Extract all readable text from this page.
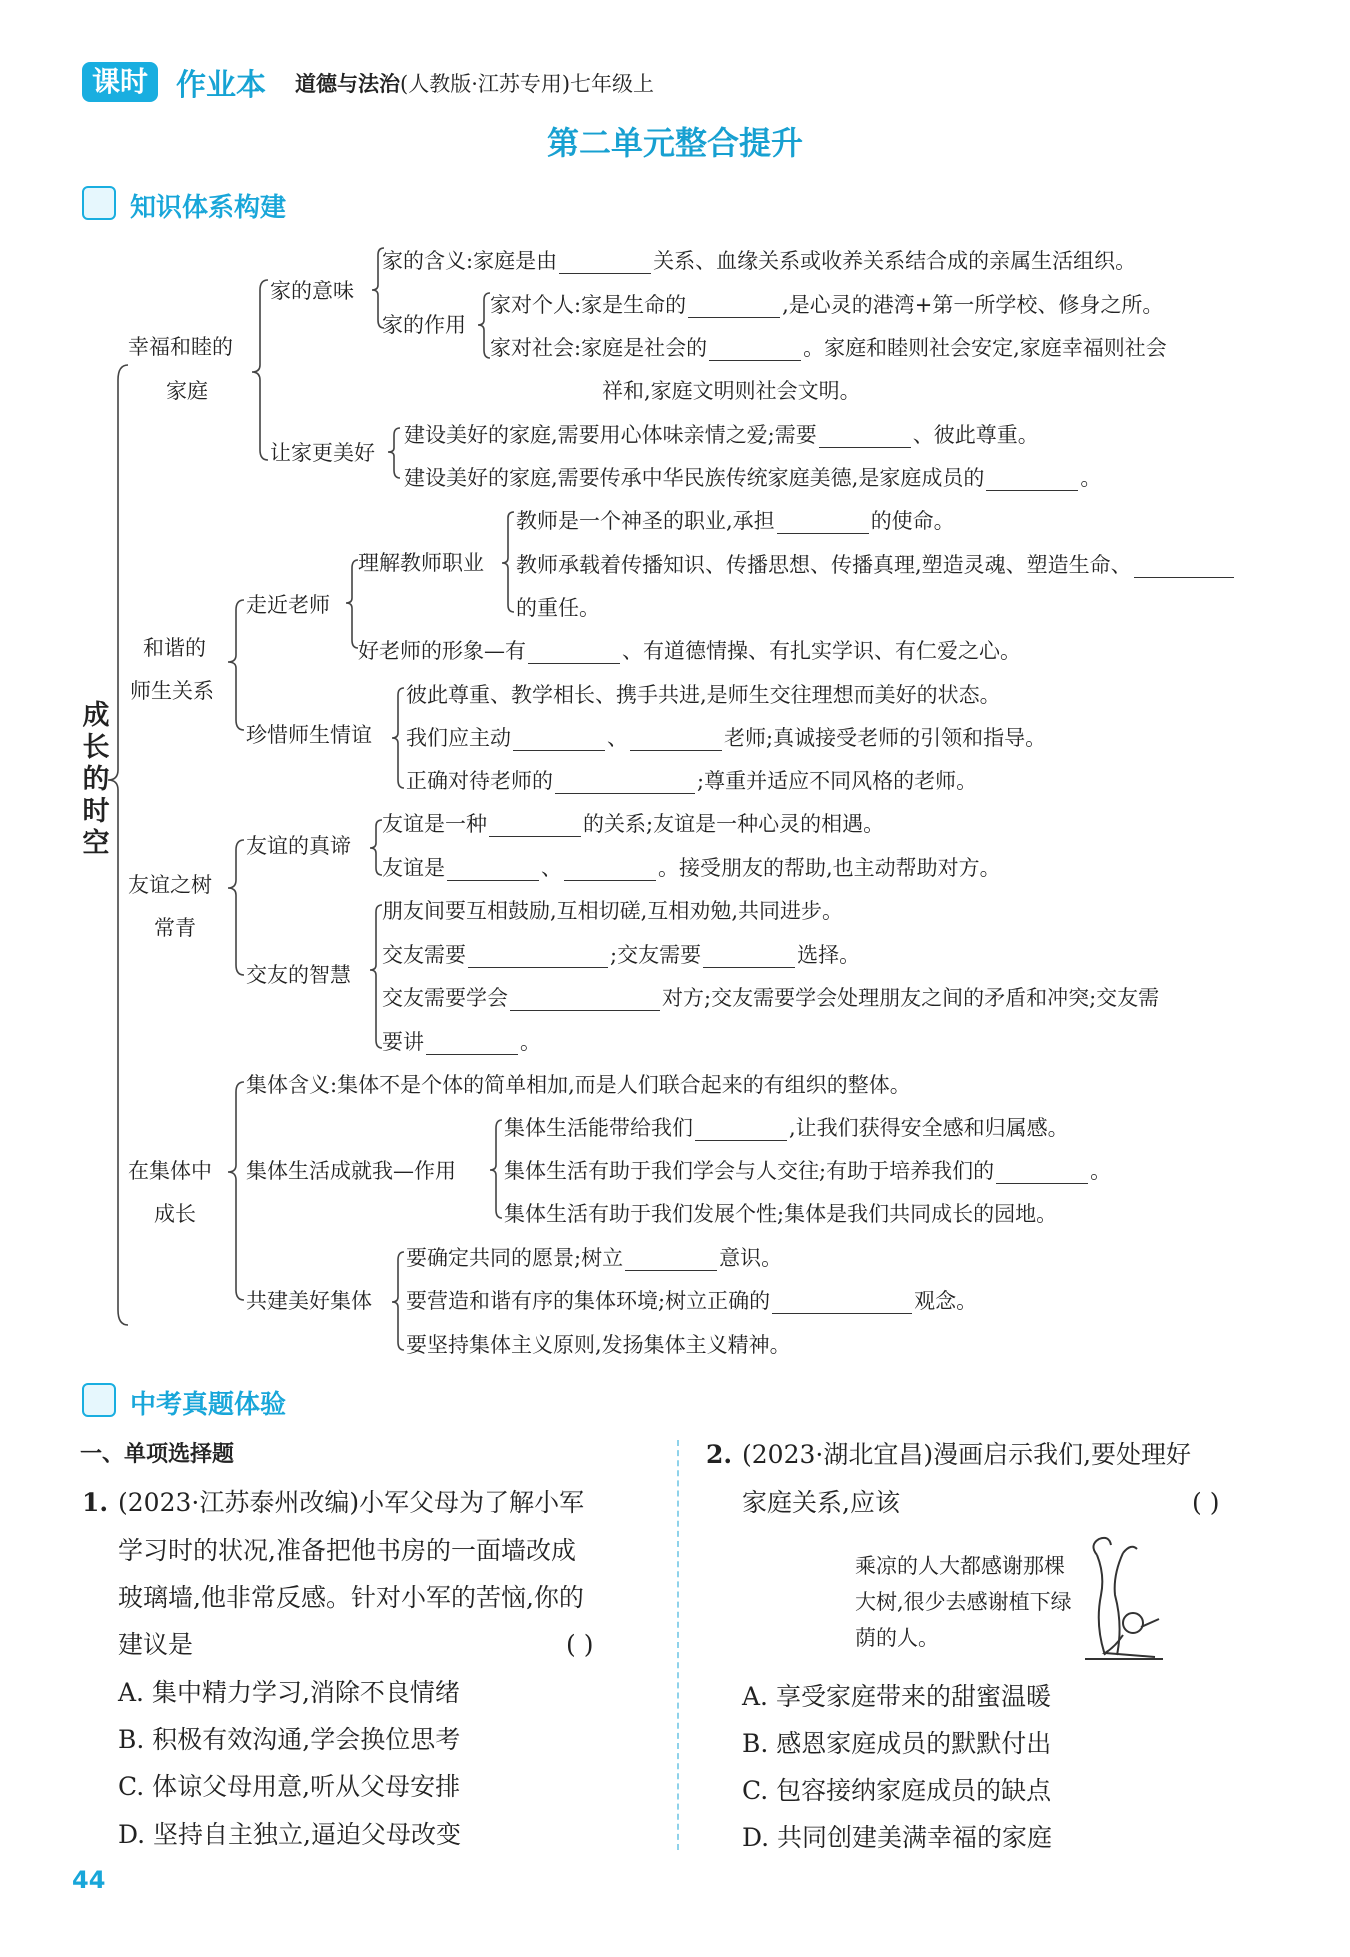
课时 作业本 道德与法治(人教版·江苏专用)七年级上
第二单元整合提升
知识体系构建
成长的时空
幸福和睦的
家庭
家的意味
家的含义:家庭是由	关系、血缘关系或收养关系结合成的亲属生活组织。
家的作用
家对个人:家是生命的	,是心灵的港湾+第一所学校、修身之所。
家对社会:家庭是社会的	。家庭和睦则社会安定,家庭幸福则社会
祥和,家庭文明则社会文明。
让家更美好
建设美好的家庭,需要用心体味亲情之爱;需要	、彼此尊重。
建设美好的家庭,需要传承中华民族传统家庭美德,是家庭成员的	。
和谐的
师生关系
走近老师
理解教师职业
教师是一个神圣的职业,承担	的使命。
教师承载着传播知识、传播思想、传播真理,塑造灵魂、塑造生命、
的重任。
好老师的形象—有	、有道德情操、有扎实学识、有仁爱之心。
珍惜师生情谊
彼此尊重、教学相长、携手共进,是师生交往理想而美好的状态。
我们应主动	、	老师;真诚接受老师的引领和指导。
正确对待老师的	;尊重并适应不同风格的老师。
友谊之树
常青
友谊的真谛
友谊是一种	的关系;友谊是一种心灵的相遇。
友谊是	、	。接受朋友的帮助,也主动帮助对方。
交友的智慧
朋友间要互相鼓励,互相切磋,互相劝勉,共同进步。
交友需要	;交友需要	选择。
交友需要学会	对方;交友需要学会处理朋友之间的矛盾和冲突;交友需
要讲	。
在集体中
成长
集体含义:集体不是个体的简单相加,而是人们联合起来的有组织的整体。
集体生活成就我—作用
集体生活能带给我们	,让我们获得安全感和归属感。
集体生活有助于我们学会与人交往;有助于培养我们的	。
集体生活有助于我们发展个性;集体是我们共同成长的园地。
共建美好集体
要确定共同的愿景;树立	意识。
要营造和谐有序的集体环境;树立正确的	观念。
要坚持集体主义原则,发扬集体主义精神。
中考真题体验
一、单项选择题
1. (2023·江苏泰州改编)小军父母为了解小军
学习时的状况,准备把他书房的一面墙改成
玻璃墙,他非常反感。针对小军的苦恼,你的
建议是	( )
A. 集中精力学习,消除不良情绪
B. 积极有效沟通,学会换位思考
C. 体谅父母用意,听从父母安排
D. 坚持自主独立,逼迫父母改变
2. (2023·湖北宜昌)漫画启示我们,要处理好
家庭关系,应该	( )
乘凉的人大都感谢那棵大树,很少去感谢植下绿荫的人。
A. 享受家庭带来的甜蜜温暖
B. 感恩家庭成员的默默付出
C. 包容接纳家庭成员的缺点
D. 共同创建美满幸福的家庭
44
